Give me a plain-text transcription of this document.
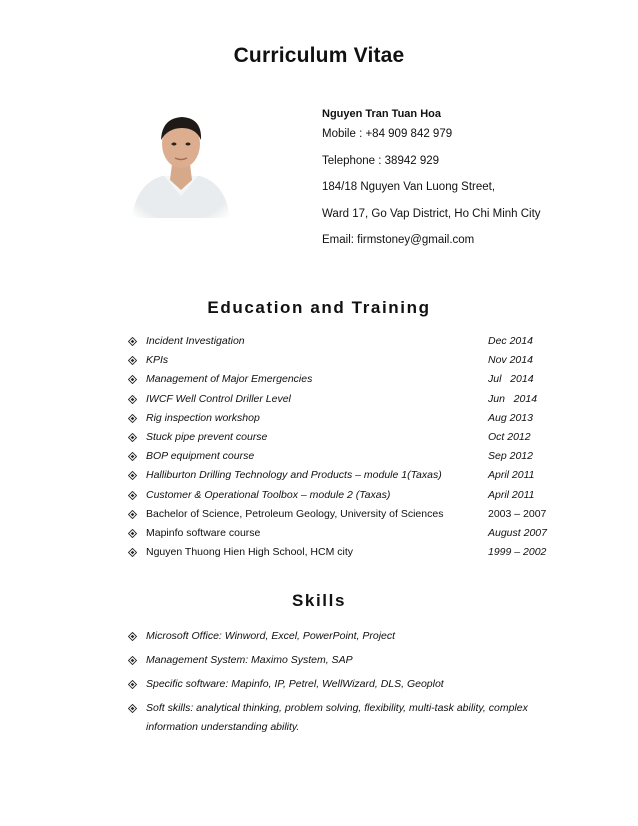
Curriculum Vitae
Nguyen Tran Tuan Hoa
Mobile : +84 909 842 979
Telephone : 38942 929
184/18 Nguyen Van Luong Street,
Ward 17, Go Vap District, Ho Chi Minh City
Email: firmstoney@gmail.com
Education and Training
Incident Investigation	Dec 2014
KPIs	Nov 2014
Management of Major Emergencies	Jul   2014
IWCF Well Control Driller Level	Jun   2014
Rig inspection workshop	Aug 2013
Stuck pipe prevent course	Oct 2012
BOP equipment course	Sep 2012
Halliburton Drilling Technology and Products – module 1(Taxas)	April 2011
Customer & Operational Toolbox – module 2 (Taxas)	April 2011
Bachelor of Science, Petroleum Geology, University of Sciences	2003 – 2007
Mapinfo software course	August 2007
Nguyen Thuong Hien High School, HCM city	1999 – 2002
Skills
Microsoft Office: Winword, Excel, PowerPoint, Project
Management System: Maximo System, SAP
Specific software: Mapinfo, IP, Petrel, WellWizard, DLS, Geoplot
Soft skills: analytical thinking, problem solving, flexibility, multi-task ability, complex information understanding ability.
